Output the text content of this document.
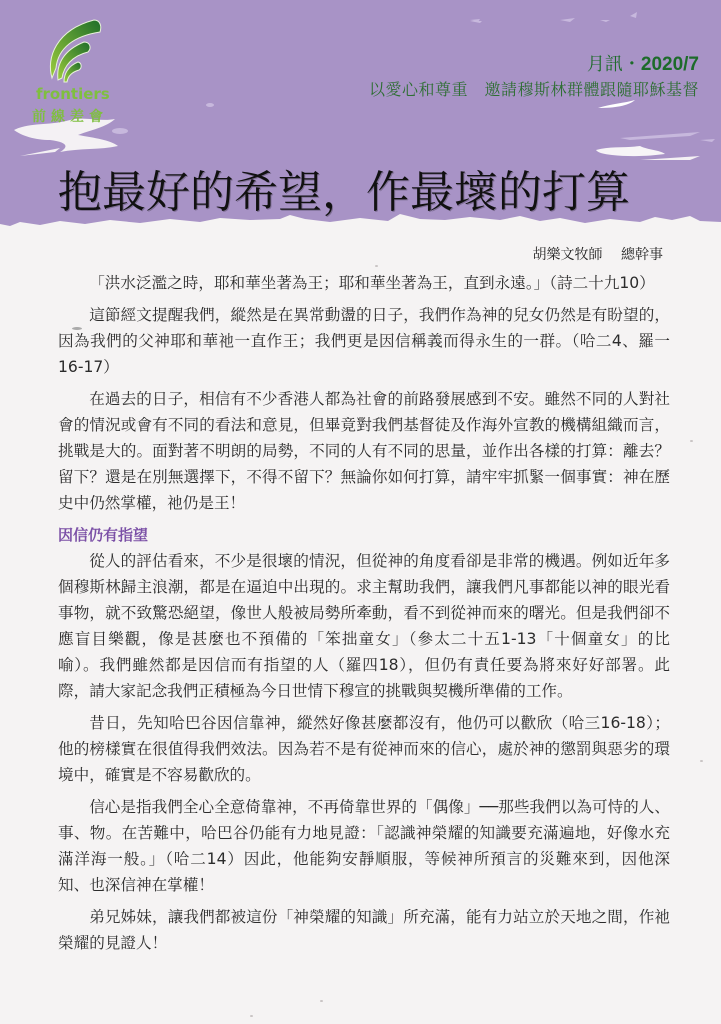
frontiers
前線差會
月訊・2020/7
以愛心和尊重　邀請穆斯林群體跟隨耶穌基督
抱最好的希望，作最壞的打算
胡樂文牧師　 總幹事

「洪水泛濫之時，耶和華坐著為王；耶和華坐著為王，直到永遠。」（詩二十九10）

這節經文提醒我們，縱然是在異常動盪的日子，我們作為神的兒女仍然是有盼望的，因為我們的父神耶和華祂一直作王；我們更是因信稱義而得永生的一群。（哈二4、羅一16-17）

在過去的日子，相信有不少香港人都為社會的前路發展感到不安。雖然不同的人對社會的情況或會有不同的看法和意見，但畢竟對我們基督徒及作海外宣教的機構組織而言，挑戰是大的。面對著不明朗的局勢，不同的人有不同的思量，並作出各樣的打算：離去？留下？還是在別無選擇下，不得不留下？無論你如何打算，請牢牢抓緊一個事實：神在歷史中仍然掌權，祂仍是王！

因信仍有指望

從人的評估看來，不少是很壞的情況，但從神的角度看卻是非常的機遇。例如近年多個穆斯林歸主浪潮，都是在逼迫中出現的。求主幫助我們，讓我們凡事都能以神的眼光看事物，就不致驚恐絕望，像世人般被局勢所牽動，看不到從神而來的曙光。但是我們卻不應盲目樂觀，像是甚麼也不預備的「笨拙童女」（參太二十五1-13「十個童女」的比喻）。我們雖然都是因信而有指望的人（羅四18），但仍有責任要為將來好好部署。此際，請大家記念我們正積極為今日世情下穆宣的挑戰與契機所準備的工作。

昔日，先知哈巴谷因信靠神，縱然好像甚麼都沒有，他仍可以歡欣（哈三16-18）；他的榜樣實在很值得我們效法。因為若不是有從神而來的信心，處於神的懲罰與惡劣的環境中，確實是不容易歡欣的。

信心是指我們全心全意倚靠神，不再倚靠世界的「偶像」──那些我們以為可恃的人、事、物。在苦難中，哈巴谷仍能有力地見證：「認識神榮耀的知識要充滿遍地，好像水充滿洋海一般。」（哈二14）因此，他能夠安靜順服，等候神所預言的災難來到，因他深知、也深信神在掌權！

弟兄姊妹，讓我們都被這份「神榮耀的知識」所充滿，能有力站立於天地之間，作祂榮耀的見證人！
